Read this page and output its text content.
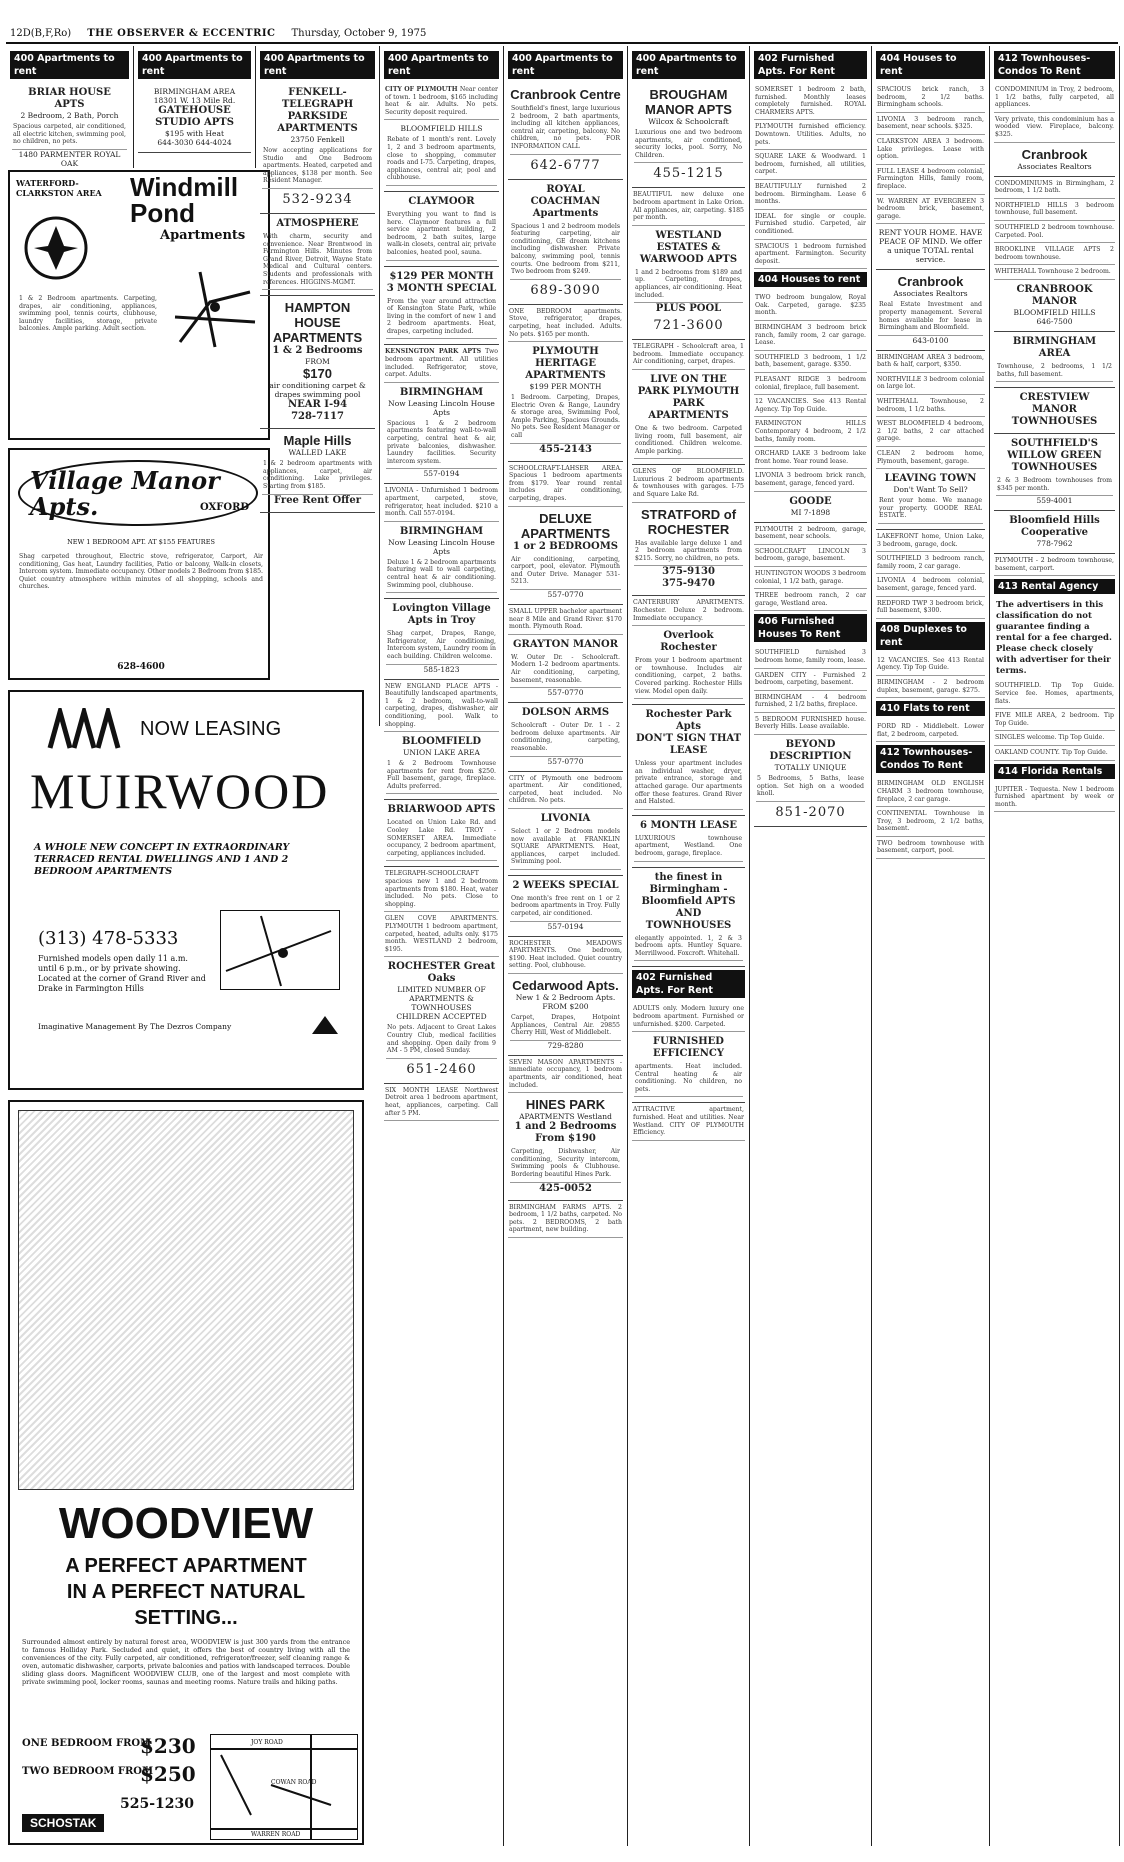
12D(B,F,Ro) THE OBSERVER & ECCENTRIC Thursday, October 9, 1975
400 Apartments to rent
BRIAR HOUSE APTS
2 Bedroom, 2 Bath, Porch
Spacious carpeted, air conditioned, all electric kitchen, swimming pool, no children, no pets.
1480 PARMENTER ROYAL OAK
400 Apartments to rent
BIRMINGHAM AREA
18301 W. 13 Mile Rd.
GATEHOUSE STUDIO APTS
$195 with Heat
644-3030 644-4024
WATERFORD-CLARKSTON AREA	Windmill Pond
Apartments
1 & 2 Bedroom apartments. Carpeting, drapes, air conditioning, appliances, swimming pool, tennis courts, clubhouse, laundry facilities, storage, private balconies. Ample parking. Adult section.
Village Manor Apts.	OXFORD
NEW 1 BEDROOM APT. AT $155 FEATURES
Shag carpeted throughout, Electric stove, refrigerator, Carport, Air conditioning, Gas heat, Laundry facilities, Patio or balcony, Walk-in closets, Intercom system. Immediate occupancy. Other models 2 Bedroom from $185. Quiet country atmosphere within minutes of all shopping, schools and churches.
628-4600
NOW LEASING
MUIRWOOD
A WHOLE NEW CONCEPT IN EXTRAORDINARY TERRACED RENTAL DWELLINGS AND 1 AND 2 BEDROOM APARTMENTS
(313) 478-5333
Furnished models open daily 11 a.m. until 6 p.m., or by private showing. Located at the corner of Grand River and Drake in Farmington Hills
Imaginative Management By The Dezros Company
WOODVIEW
A PERFECT APARTMENT
IN A PERFECT NATURAL
SETTING...
Surrounded almost entirely by natural forest area, WOODVIEW is just 300 yards from the entrance to famous Holliday Park. Secluded and quiet, it offers the best of country living with all the conveniences of the city. Fully carpeted, air conditioned, refrigerator/freezer, self cleaning range & oven, automatic dishwasher, carports, private balconies and patios with landscaped terraces. Double sliding glass doors. Magnificent WOODVIEW CLUB, one of the largest and most complete with private swimming pool, locker rooms, saunas and meeting rooms. Nature trails and hiking paths.
ONE BEDROOM FROM
$230
TWO BEDROOM FROM
$250
525-1230
SCHOSTAK
JOY ROAD
COWAN ROAD
WARREN ROAD
400 Apartments to rent
FENKELL-TELEGRAPH PARKSIDE APARTMENTS
23750 Fenkell
Now accepting applications for Studio and One Bedroom apartments. Heated, carpeted and appliances, $138 per month. See Resident Manager.
532-9234
ATMOSPHERE
With charm, security and convenience. Near Brentwood in Farmington Hills. Minutes from Grand River, Detroit, Wayne State Medical and Cultural centers. Students and professionals with references. HIGGINS-MGMT.
HAMPTON HOUSE APARTMENTS
1 & 2 Bedrooms
FROM
$170
air conditioning carpet & drapes swimming pool
NEAR I-94
728-7117
Maple Hills
WALLED LAKE
1 & 2 bedroom apartments with appliances, carpet, air conditioning. Lake privileges. Starting from $185.
Free Rent Offer
400 Apartments to rent
CITY OF PLYMOUTH Near center of town. 1 bedroom, $165 including heat & air. Adults. No pets. Security deposit required.
BLOOMFIELD HILLS
Rebate of 1 month's rent. Lovely 1, 2 and 3 bedroom apartments, close to shopping, commuter roads and I-75. Carpeting, drapes, appliances, central air, pool and clubhouse.
CLAYMOOR
Everything you want to find is here. Claymoor features a full service apartment building, 2 bedroom, 2 bath suites, large walk-in closets, central air, private balconies, heated pool, sauna.
$129 PER MONTH 3 MONTH SPECIAL
From the year around attraction of Kensington State Park, while living in the comfort of new 1 and 2 bedroom apartments. Heat, drapes, carpeting included.
KENSINGTON PARK APTS Two bedroom apartment. All utilities included. Refrigerator, stove, carpet. Adults.
BIRMINGHAM
Now Leasing Lincoln House Apts
Spacious 1 & 2 bedroom apartments featuring wall-to-wall carpeting, central heat & air, private balconies, dishwasher. Laundry facilities. Security intercom system.
557-0194
LIVONIA - Unfurnished 1 bedroom apartment, carpeted, stove, refrigerator, heat included. $210 a month. Call 557-0194.
BIRMINGHAM
Now Leasing Lincoln House Apts
Deluxe 1 & 2 bedroom apartments featuring wall to wall carpeting, central heat & air conditioning. Swimming pool, clubhouse.
Lovington Village Apts in Troy
Shag carpet, Drapes, Range, Refrigerator, Air conditioning, Intercom system, Laundry room in each building. Children welcome.
585-1823
NEW ENGLAND PLACE APTS - Beautifully landscaped apartments, 1 & 2 bedroom, wall-to-wall carpeting, drapes, dishwasher, air conditioning, pool. Walk to shopping.
BLOOMFIELD
UNION LAKE AREA
1 & 2 Bedroom Townhouse apartments for rent from $250. Full basement, garage, fireplace. Adults preferred.
BRIARWOOD APTS
Located on Union Lake Rd. and Cooley Lake Rd. TROY - SOMERSET AREA. Immediate occupancy, 2 bedroom apartment, carpeting, appliances included.
TELEGRAPH-SCHOOLCRAFT spacious new 1 and 2 bedroom apartments from $180. Heat, water included. No pets. Close to shopping.
GLEN COVE APARTMENTS. PLYMOUTH 1 bedroom apartment, carpeted, heated, adults only. $175 month. WESTLAND 2 bedroom, $195.
ROCHESTER Great Oaks
LIMITED NUMBER OF APARTMENTS & TOWNHOUSES
CHILDREN ACCEPTED
No pets. Adjacent to Great Lakes Country Club, medical facilities and shopping. Open daily from 9 AM - 5 PM, closed Sunday.
651-2460
SIX MONTH LEASE Northwest Detroit area 1 bedroom apartment, heat, appliances, carpeting. Call after 5 PM.
400 Apartments to rent
Cranbrook Centre
Southfield's finest, large luxurious 2 bedroom, 2 bath apartments, including all kitchen appliances, central air, carpeting, balcony. No children, no pets. FOR INFORMATION CALL
642-6777
ROYAL COACHMAN Apartments
Spacious 1 and 2 bedroom models featuring carpeting, air conditioning, GE dream kitchens including dishwasher. Private balcony, swimming pool, tennis courts. One bedroom from $211, Two bedroom from $249.
689-3090
ONE BEDROOM apartments. Stove, refrigerator, drapes, carpeting, heat included. Adults. No pets. $165 per month.
PLYMOUTH HERITAGE APARTMENTS
$199 PER MONTH
1 Bedroom. Carpeting, Drapes, Electric Oven & Range, Laundry & storage area, Swimming Pool, Ample Parking, Spacious Grounds. No pets. See Resident Manager or call
455-2143
SCHOOLCRAFT-LAHSER AREA. Spacious 1 bedroom apartments from $179. Year round rental includes air conditioning, carpeting, drapes.
DELUXE APARTMENTS
1 or 2 BEDROOMS
Air conditioning, carpeting, carport, pool, elevator. Plymouth and Outer Drive. Manager 531-5213.
557-0770
SMALL UPPER bachelor apartment near 8 Mile and Grand River. $170 month. Plymouth Road.
GRAYTON MANOR
W. Outer Dr. - Schoolcraft. Modern 1-2 bedroom apartments. Air conditioning, carpeting, basement, reasonable.
557-0770
DOLSON ARMS
Schoolcraft - Outer Dr. 1 - 2 bedroom deluxe apartments. Air conditioning, carpeting, reasonable.
557-0770
CITY of Plymouth one bedroom apartment. Air conditioned, carpeted, heat included. No children. No pets.
LIVONIA
Select 1 or 2 Bedroom models now available at FRANKLIN SQUARE APARTMENTS. Heat, appliances, carpet included. Swimming pool.
2 WEEKS SPECIAL
One month's free rent on 1 or 2 bedroom apartments in Troy. Fully carpeted, air conditioned.
557-0194
ROCHESTER MEADOWS APARTMENTS. One bedroom, $190. Heat included. Quiet country setting. Pool, clubhouse.
Cedarwood Apts.
New 1 & 2 Bedroom Apts. FROM $200
Carpet, Drapes, Hotpoint Appliances, Central Air. 29855 Cherry Hill, West of Middlebelt.
729-8280
SEVEN MASON APARTMENTS - immediate occupancy, 1 bedroom apartments, air conditioned, heat included.
HINES PARK
APARTMENTS Westland
1 and 2 Bedrooms From $190
Carpeting, Dishwasher, Air conditioning, Security intercom, Swimming pools & Clubhouse. Bordering beautiful Hines Park.
425-0052
BIRMINGHAM FARMS APTS. 2 bedroom, 1 1/2 baths, carpeted. No pets. 2 BEDROOMS, 2 bath apartment, new building.
400 Apartments to rent
BROUGHAM MANOR APTS
Wilcox & Schoolcraft
Luxurious one and two bedroom apartments, air conditioned, security locks, pool. Sorry, No Children.
455-1215
BEAUTIFUL new deluxe one bedroom apartment in Lake Orion. All appliances, air, carpeting. $185 per month.
WESTLAND ESTATES & WARWOOD APTS
1 and 2 bedrooms from $189 and up. Carpeting, drapes, appliances, air conditioning. Heat included.
PLUS POOL
721-3600
TELEGRAPH - Schoolcraft area, 1 bedroom. Immediate occupancy. Air conditioning, carpet, drapes.
LIVE ON THE PARK PLYMOUTH PARK APARTMENTS
One & two bedroom. Carpeted living room, full basement, air conditioned. Children welcome. Ample parking.
GLENS OF BLOOMFIELD. Luxurious 2 bedroom apartments & townhouses with garages. I-75 and Square Lake Rd.
STRATFORD of ROCHESTER
Has available large deluxe 1 and 2 bedroom apartments from $215. Sorry, no children, no pets.
375-9130
375-9470
CANTERBURY APARTMENTS. Rochester. Deluxe 2 bedroom. Immediate occupancy.
Overlook Rochester
From your 1 bedroom apartment or townhouse. Includes air conditioning, carpet, 2 baths. Covered parking. Rochester Hills view. Model open daily.
Rochester Park Apts
DON'T SIGN THAT LEASE
Unless your apartment includes an individual washer, dryer, private entrance, storage and attached garage. Our apartments offer these features. Grand River and Halsted.
6 MONTH LEASE
LUXURIOUS townhouse apartment, Westland. One bedroom, garage, fireplace.
the finest in Birmingham - Bloomfield APTS AND TOWNHOUSES
elegantly appointed. 1, 2 & 3 bedroom apts. Huntley Square. Merrillwood. Foxcroft. Whitehall.
402 Furnished Apts. For Rent
ADULTS only. Modern luxury one bedroom apartment. Furnished or unfurnished. $200. Carpeted.
FURNISHED EFFICIENCY
apartments. Heat included. Central heating & air conditioning. No children, no pets.
ATTRACTIVE apartment, furnished. Heat and utilities. Near Westland. CITY OF PLYMOUTH Efficiency.
402 Furnished Apts. For Rent
SOMERSET 1 bedroom 2 bath, furnished. Monthly leases completely furnished. ROYAL CHARMERS APTS.
PLYMOUTH furnished efficiency. Downtown. Utilities. Adults, no pets.
SQUARE LAKE & Woodward. 1 bedroom, furnished, all utilities, carpet.
BEAUTIFULLY furnished 2 bedroom. Birmingham. Lease 6 months.
IDEAL for single or couple. Furnished studio. Carpeted, air conditioned.
SPACIOUS 1 bedroom furnished apartment. Farmington. Security deposit.
404 Houses to rent
TWO bedroom bungalow, Royal Oak. Carpeted, garage. $235 month.
BIRMINGHAM 3 bedroom brick ranch, family room, 2 car garage. Lease.
SOUTHFIELD 3 bedroom, 1 1/2 bath, basement, garage. $350.
PLEASANT RIDGE 3 bedroom colonial, fireplace, full basement.
12 VACANCIES. See 413 Rental Agency. Tip Top Guide.
FARMINGTON HILLS Contemporary 4 bedroom, 2 1/2 baths, family room.
ORCHARD LAKE 3 bedroom lake front home. Year round lease.
LIVONIA 3 bedroom brick ranch, basement, garage, fenced yard.
GOODE
MI 7-1898
PLYMOUTH 2 bedroom, garage, basement, near schools.
SCHOOLCRAFT LINCOLN 3 bedroom, garage, basement.
HUNTINGTON WOODS 3 bedroom colonial, 1 1/2 bath, garage.
THREE bedroom ranch, 2 car garage, Westland area.
406 Furnished Houses To Rent
SOUTHFIELD furnished 3 bedroom home, family room, lease.
GARDEN CITY - Furnished 2 bedroom, carpeting, basement.
BIRMINGHAM - 4 bedroom furnished, 2 1/2 baths, fireplace.
5 BEDROOM FURNISHED house. Beverly Hills. Lease available.
BEYOND DESCRIPTION
TOTALLY UNIQUE
5 Bedrooms, 5 Baths, lease option. Set high on a wooded knoll.
851-2070
404 Houses to rent
SPACIOUS brick ranch, 3 bedroom, 2 1/2 baths. Birmingham schools.
LIVONIA 3 bedroom ranch, basement, near schools. $325.
CLARKSTON AREA 3 bedroom. Lake privileges. Lease with option.
FULL LEASE 4 bedroom colonial, Farmington Hills, family room, fireplace.
W. WARREN AT EVERGREEN 3 bedroom brick, basement, garage.
RENT YOUR HOME. HAVE PEACE OF MIND. We offer a unique TOTAL rental service.
Cranbrook
Associates Realtors
Real Estate Investment and property management. Several homes available for lease in Birmingham and Bloomfield.
643-0100
BIRMINGHAM AREA 3 bedroom, bath & half, carport, $350.
NORTHVILLE 3 bedroom colonial on large lot.
WHITEHALL Townhouse, 2 bedroom, 1 1/2 baths.
WEST BLOOMFIELD 4 bedroom, 2 1/2 baths, 2 car attached garage.
CLEAN 2 bedroom home, Plymouth, basement, garage.
LEAVING TOWN
Don't Want To Sell?
Rent your home. We manage your property. GOODE REAL ESTATE.
LAKEFRONT home, Union Lake, 3 bedroom, garage, dock.
SOUTHFIELD 3 bedroom ranch, family room, 2 car garage.
LIVONIA 4 bedroom colonial, basement, garage, fenced yard.
REDFORD TWP 3 bedroom brick, full basement, $300.
408 Duplexes to rent
12 VACANCIES. See 413 Rental Agency. Tip Top Guide.
BIRMINGHAM - 2 bedroom duplex, basement, garage. $275.
410 Flats to rent
FORD RD - Middlebelt. Lower flat, 2 bedroom, carpeted.
412 Townhouses- Condos To Rent
BIRMINGHAM OLD ENGLISH CHARM 3 bedroom townhouse, fireplace, 2 car garage.
CONTINENTAL Townhouse in Troy, 3 bedroom, 2 1/2 baths, basement.
TWO bedroom townhouse with basement, carport, pool.
412 Townhouses- Condos To Rent
CONDOMINIUM in Troy, 2 bedroom, 1 1/2 baths, fully carpeted, all appliances.
Very private, this condominium has a wooded view. Fireplace, balcony. $325.
Cranbrook
Associates Realtors
CONDOMINIUMS in Birmingham, 2 bedroom, 1 1/2 bath.
NORTHFIELD HILLS 3 bedroom townhouse, full basement.
SOUTHFIELD 2 bedroom townhouse. Carpeted. Pool.
BROOKLINE VILLAGE APTS 2 bedroom townhouse.
WHITEHALL Townhouse 2 bedroom.
CRANBROOK MANOR
BLOOMFIELD HILLS
646-7500
BIRMINGHAM AREA
Townhouse, 2 bedrooms, 1 1/2 baths, full basement.
CRESTVIEW MANOR TOWNHOUSES
SOUTHFIELD'S WILLOW GREEN TOWNHOUSES
2 & 3 Bedroom townhouses from $345 per month.
559-4001
Bloomfield Hills Cooperative
778-7962
PLYMOUTH - 2 bedroom townhouse, basement, carport.
413 Rental Agency
The advertisers in this classification do not guarantee finding a rental for a fee charged. Please check closely with advertiser for their terms.
SOUTHFIELD. Tip Top Guide. Service fee. Homes, apartments, flats.
FIVE MILE AREA, 2 bedroom. Tip Top Guide.
SINGLES welcome. Tip Top Guide.
OAKLAND COUNTY. Tip Top Guide.
414 Florida Rentals
JUPITER - Tequesta. New 1 bedroom furnished apartment by week or month.
